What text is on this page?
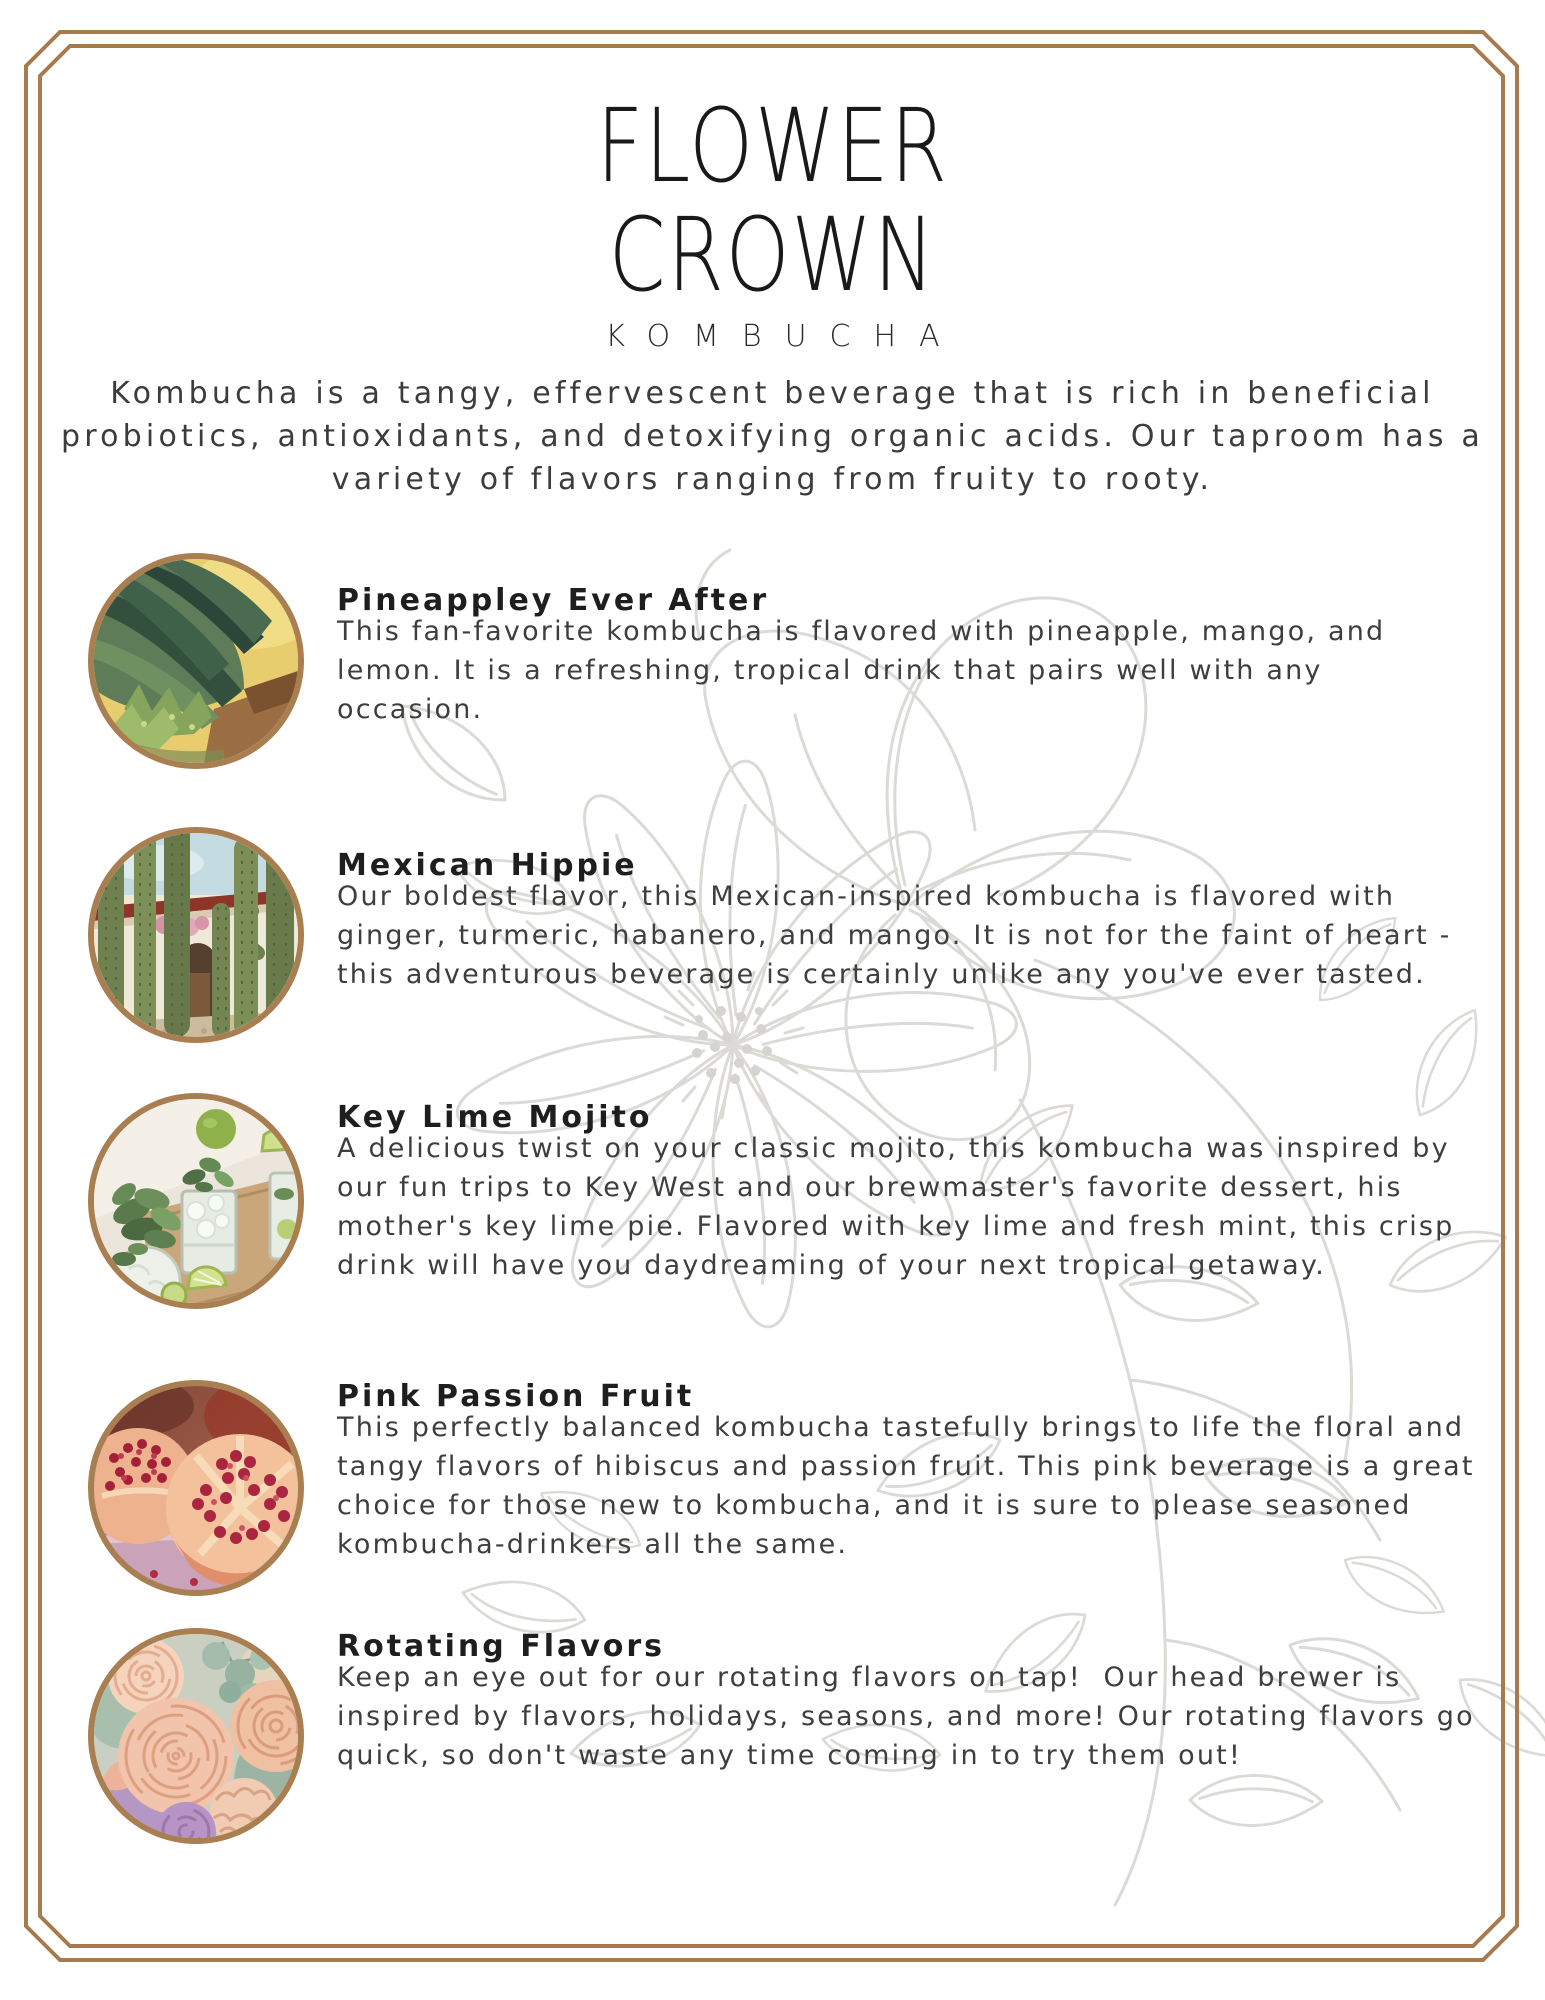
FLOWER
CROWN
KOMBUCHA

Kombucha is a tangy, effervescent beverage that is rich in beneficial probiotics, antioxidants, and detoxifying organic acids. Our taproom has a variety of flavors ranging from fruity to rooty.

Pineappley Ever After

This fan-favorite kombucha is flavored with pineapple, mango, and lemon. It is a refreshing, tropical drink that pairs well with any occasion.

Mexican Hippie

Our boldest flavor, this Mexican-inspired kombucha is flavored with ginger, turmeric, habanero, and mango. It is not for the faint of heart - this adventurous beverage is certainly unlike any you've ever tasted.

Key Lime Mojito

A delicious twist on your classic mojito, this kombucha was inspired by our fun trips to Key West and our brewmaster's favorite dessert, his mother's key lime pie. Flavored with key lime and fresh mint, this crisp drink will have you daydreaming of your next tropical getaway.

Pink Passion Fruit

This perfectly balanced kombucha tastefully brings to life the floral and tangy flavors of hibiscus and passion fruit. This pink beverage is a great choice for those new to kombucha, and it is sure to please seasoned kombucha-drinkers all the same.

Rotating Flavors

Keep an eye out for our rotating flavors on tap!  Our head brewer is inspired by flavors, holidays, seasons, and more! Our rotating flavors go quick, so don't waste any time coming in to try them out!
